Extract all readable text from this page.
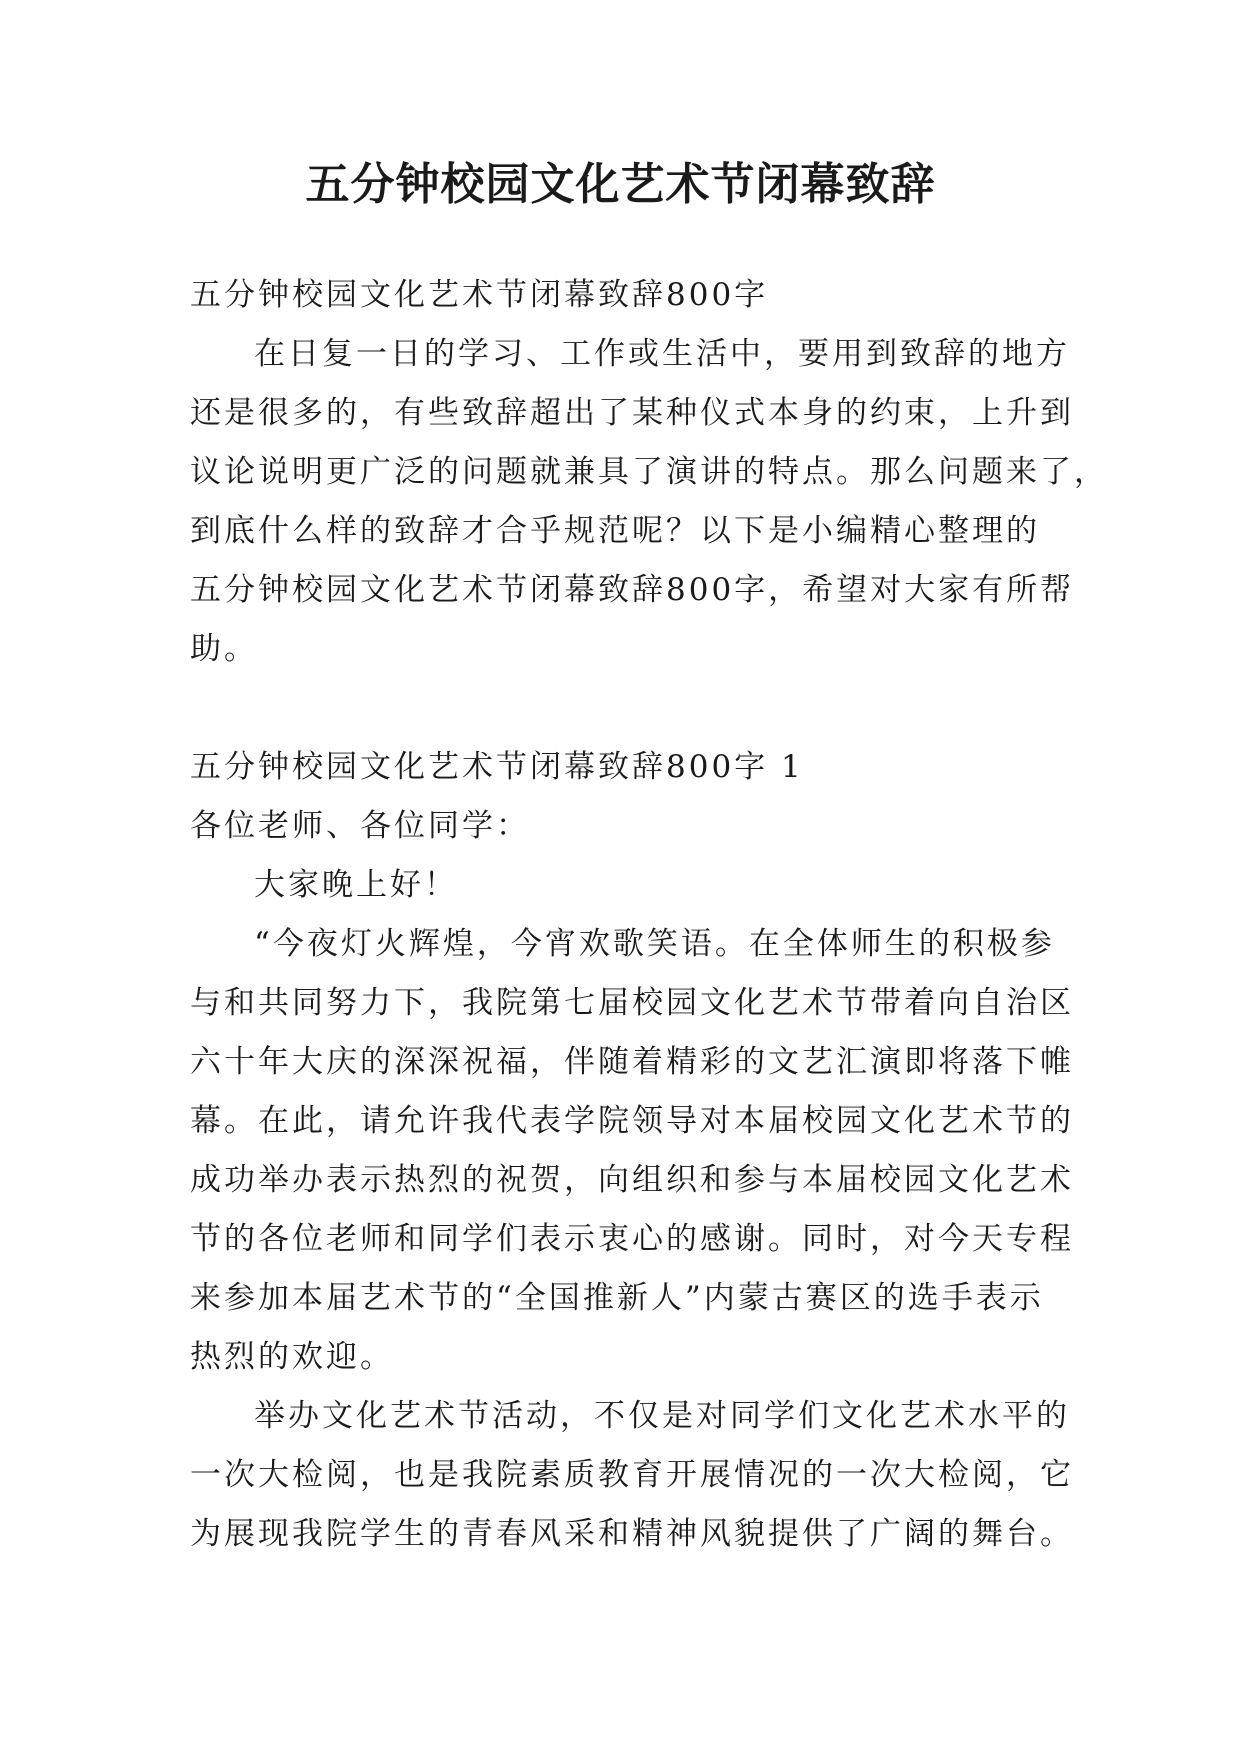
五分钟校园文化艺术节闭幕致辞
五分钟校园文化艺术节闭幕致辞800字
在日复一日的学习、工作或生活中，要用到致辞的地方
还是很多的，有些致辞超出了某种仪式本身的约束，上升到
议论说明更广泛的问题就兼具了演讲的特点。那么问题来了，
到底什么样的致辞才合乎规范呢？以下是小编精心整理的
五分钟校园文化艺术节闭幕致辞800字，希望对大家有所帮
助。
五分钟校园文化艺术节闭幕致辞800字 1
各位老师、各位同学：
大家晚上好！
“今夜灯火辉煌，今宵欢歌笑语。在全体师生的积极参
与和共同努力下，我院第七届校园文化艺术节带着向自治区
六十年大庆的深深祝福，伴随着精彩的文艺汇演即将落下帷
幕。在此，请允许我代表学院领导对本届校园文化艺术节的
成功举办表示热烈的祝贺，向组织和参与本届校园文化艺术
节的各位老师和同学们表示衷心的感谢。同时，对今天专程
来参加本届艺术节的“全国推新人”内蒙古赛区的选手表示
热烈的欢迎。
举办文化艺术节活动，不仅是对同学们文化艺术水平的
一次大检阅，也是我院素质教育开展情况的一次大检阅，它
为展现我院学生的青春风采和精神风貌提供了广阔的舞台。
